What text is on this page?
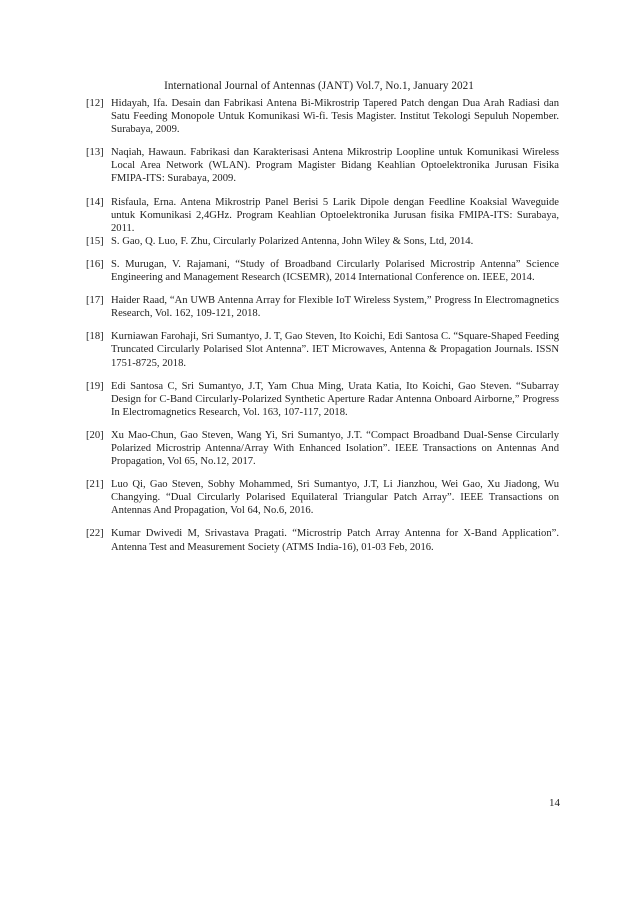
International Journal of Antennas (JANT) Vol.7, No.1, January 2021
[12] Hidayah, Ifa. Desain dan Fabrikasi Antena Bi-Mikrostrip Tapered Patch dengan Dua Arah Radiasi dan Satu Feeding Monopole Untuk Komunikasi Wi-fi. Tesis Magister. Institut Tekologi Sepuluh Nopember. Surabaya, 2009.
[13] Naqiah, Hawaun. Fabrikasi dan Karakterisasi Antena Mikrostrip Loopline untuk Komunikasi Wireless Local Area Network (WLAN). Program Magister Bidang Keahlian Optoelektronika Jurusan Fisika FMIPA-ITS: Surabaya, 2009.
[14] Risfaula, Erna. Antena Mikrostrip Panel Berisi 5 Larik Dipole dengan Feedline Koaksial Waveguide untuk Komunikasi 2,4GHz. Program Keahlian Optoelektronika Jurusan fisika FMIPA-ITS: Surabaya, 2011.
[15] S. Gao, Q. Luo, F. Zhu, Circularly Polarized Antenna, John Wiley & Sons, Ltd, 2014.
[16] S. Murugan, V. Rajamani, “Study of Broadband Circularly Polarised Microstrip Antenna” Science Engineering and Management Research (ICSEMR), 2014 International Conference on. IEEE, 2014.
[17] Haider Raad, “An UWB Antenna Array for Flexible IoT Wireless System,” Progress In Electromagnetics Research, Vol. 162, 109-121, 2018.
[18] Kurniawan Farohaji, Sri Sumantyo, J. T, Gao Steven, Ito Koichi, Edi Santosa C. “Square-Shaped Feeding Truncated Circularly Polarised Slot Antenna”. IET Microwaves, Antenna & Propagation Journals. ISSN 1751-8725, 2018.
[19] Edi Santosa C, Sri Sumantyo, J.T, Yam Chua Ming, Urata Katia, Ito Koichi, Gao Steven. “Subarray Design for C-Band Circularly-Polarized Synthetic Aperture Radar Antenna Onboard Airborne,” Progress In Electromagnetics Research, Vol. 163, 107-117, 2018.
[20] Xu Mao-Chun, Gao Steven, Wang Yi, Sri Sumantyo, J.T. “Compact Broadband Dual-Sense Circularly Polarized Microstrip Antenna/Array With Enhanced Isolation”. IEEE Transactions on Antennas And Propagation, Vol 65, No.12, 2017.
[21] Luo Qi, Gao Steven, Sobhy Mohammed, Sri Sumantyo, J.T, Li Jianzhou, Wei Gao, Xu Jiadong, Wu Changying. “Dual Circularly Polarised Equilateral Triangular Patch Array”. IEEE Transactions on Antennas And Propagation, Vol 64, No.6, 2016.
[22] Kumar Dwivedi M, Srivastava Pragati. “Microstrip Patch Array Antenna for X-Band Application”. Antenna Test and Measurement Society (ATMS India-16), 01-03 Feb, 2016.
14
